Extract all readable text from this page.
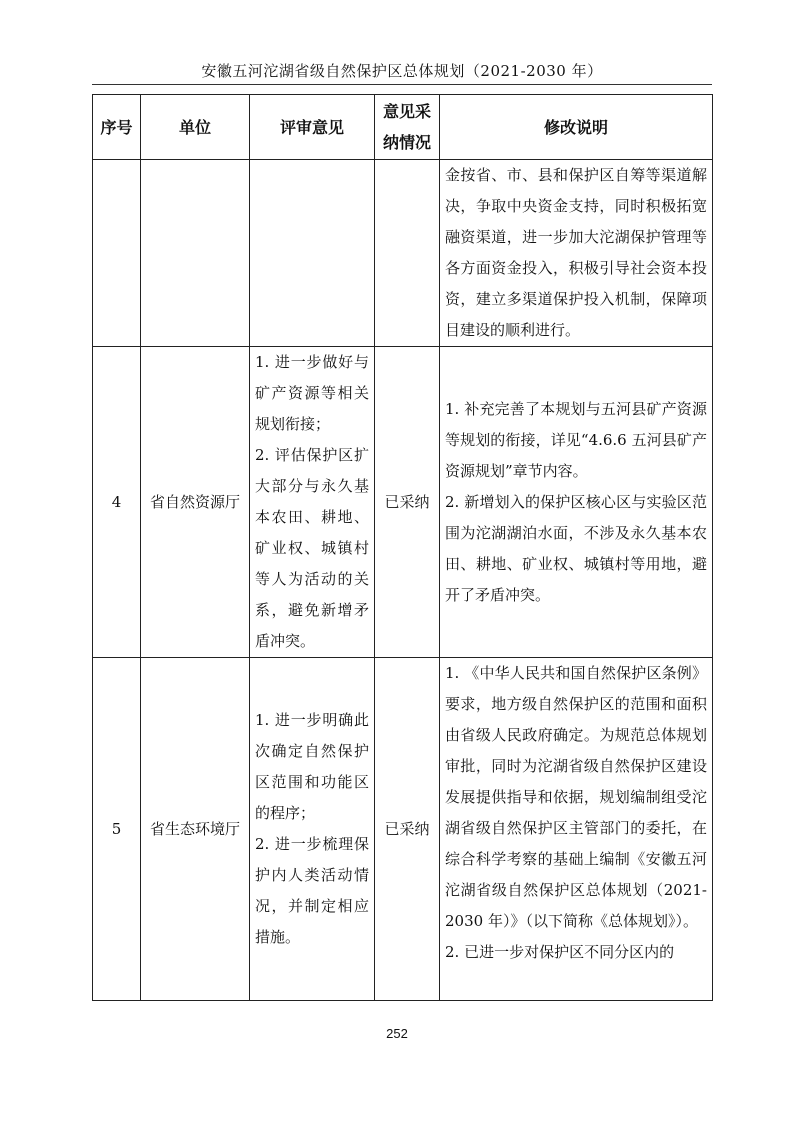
安徽五河沱湖省级自然保护区总体规划（2021-2030 年）
序号	单位	评审意见	意见采纳情况	修改说明

				金按省、市、县和保护区自筹等渠道解决，争取中央资金支持，同时积极拓宽融资渠道，进一步加大沱湖保护管理等各方面资金投入，积极引导社会资本投资，建立多渠道保护投入机制，保障项目建设的顺利进行。

4	省自然资源厅	1. 进一步做好与矿产资源等相关规划衔接；
2. 评估保护区扩大部分与永久基本农田、耕地、矿业权、城镇村等人为活动的关系，避免新增矛盾冲突。	已采纳	1. 补充完善了本规划与五河县矿产资源等规划的衔接，详见“4.6.6 五河县矿产资源规划”章节内容。
2. 新增划入的保护区核心区与实验区范围为沱湖湖泊水面，不涉及永久基本农田、耕地、矿业权、城镇村等用地，避开了矛盾冲突。

5	省生态环境厅	1. 进一步明确此次确定自然保护区范围和功能区的程序；
2. 进一步梳理保护内人类活动情况，并制定相应措施。	已采纳	1. 《中华人民共和国自然保护区条例》要求，地方级自然保护区的范围和面积由省级人民政府确定。为规范总体规划审批，同时为沱湖省级自然保护区建设发展提供指导和依据，规划编制组受沱湖省级自然保护区主管部门的委托，在综合科学考察的基础上编制《安徽五河沱湖省级自然保护区总体规划（2021-2030 年）》（以下简称《总体规划》）。
2. 已进一步对保护区不同分区内的
252
